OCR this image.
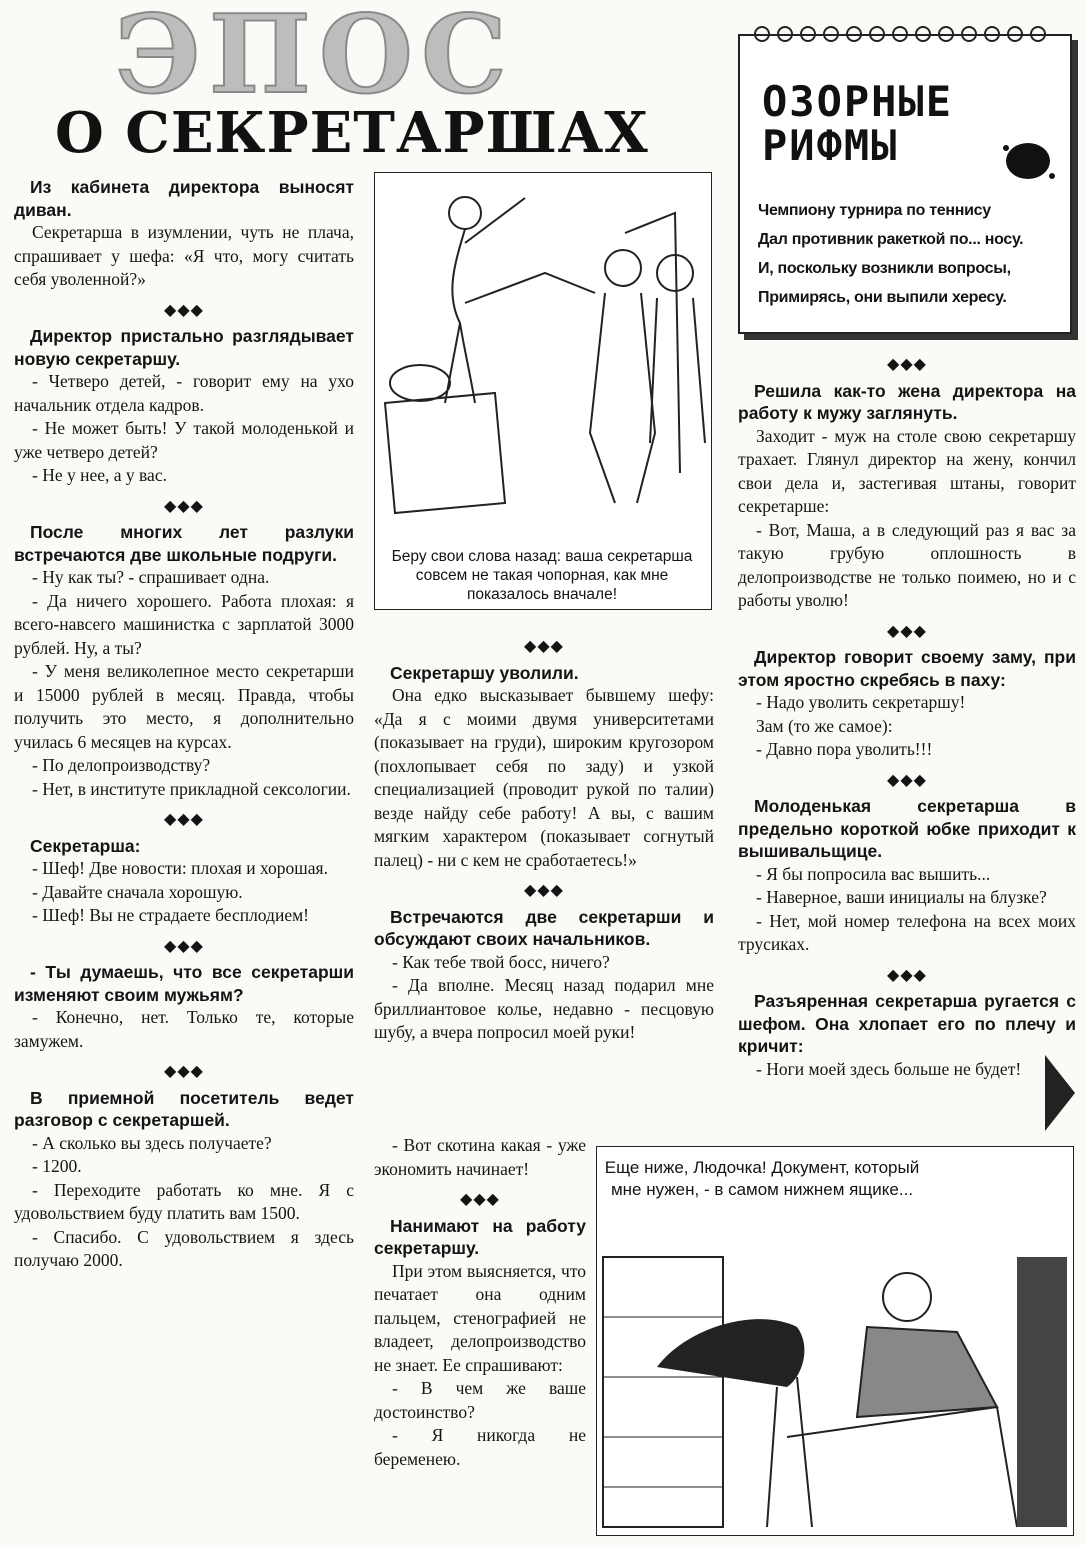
ЭПОС
О СЕКРЕТАРШАХ

Из кабинета директора выносят диван.

Секретарша в изумлении, чуть не плача, спрашивает у шефа: «Я что, могу считать себя уволенной?»

◆◆◆

Директор пристально разглядывает новую секретаршу.

- Четверо детей, - говорит ему на ухо начальник отдела кадров.

- Не может быть! У такой молоденькой и уже четверо детей?

- Не у нее, а у вас.

◆◆◆

После многих лет разлуки встречаются две школьные подруги.

- Ну как ты? - спрашивает одна.

- Да ничего хорошего. Работа плохая: я всего-навсего машинистка с зарплатой 3000 рублей. Ну, а ты?

- У меня великолепное место секретарши и 15000 рублей в месяц. Правда, чтобы получить это место, я дополнительно училась 6 месяцев на курсах.

- По делопроизводству?

- Нет, в институте прикладной сексологии.

◆◆◆

Секретарша:

- Шеф! Две новости: плохая и хорошая.

- Давайте сначала хорошую.

- Шеф! Вы не страдаете бесплодием!

◆◆◆

- Ты думаешь, что все секретарши изменяют своим мужьям?

- Конечно, нет. Только те, которые замужем.

◆◆◆

В приемной посетитель ведет разговор с секретаршей.

- А сколько вы здесь получаете?

- 1200.

- Переходите работать ко мне. Я с удовольствием буду платить вам 1500.

- Спасибо. С удовольствием я здесь получаю 2000.

Беру свои слова назад: ваша секретарша совсем не такая чопорная, как мне показалось вначале!
ОЗОРНЫЕ
РИФМЫ
Чемпиону турнира по теннису
Дал противник ракеткой по... носу.
И, поскольку возникли вопросы,
Примирясь, они выпили хересу.
◆◆◆

Секретаршу уволили.

Она едко высказывает бывшему шефу: «Да я с моими двумя университетами (показывает на груди), широким кругозором (похлопывает себя по заду) и узкой специализацией (проводит рукой по талии) везде найду себе работу! А вы, с вашим мягким характером (показывает согнутый палец) - ни с кем не сработаетесь!»

◆◆◆

Встречаются две секретарши и обсуждают своих начальников.

- Как тебе твой босс, ничего?

- Да вполне. Месяц назад подарил мне бриллиантовое колье, недавно - песцовую шубу, а вчера попросил моей руки!

- Вот скотина какая - уже экономить начинает!

◆◆◆

Нанимают на работу секретаршу.

При этом выясняется, что печатает она одним пальцем, стенографией не владеет, делопроизводство не знает. Ее спрашивают:

- В чем же ваше достоинство?

- Я никогда не беременею.

◆◆◆

Решила как-то жена директора на работу к мужу заглянуть.

Заходит - муж на столе свою секретаршу трахает. Глянул директор на жену, кончил свои дела и, застегивая штаны, говорит секретарше:

- Вот, Маша, а в следующий раз я вас за такую грубую оплошность в делопроизводстве не только поимею, но и с работы уволю!

◆◆◆

Директор говорит своему заму, при этом яростно скребясь в паху:

- Надо уволить секретаршу!

Зам (то же самое):

- Давно пора уволить!!!

◆◆◆

Молоденькая секретарша в предельно короткой юбке приходит к вышивальщице.

- Я бы попросила вас вышить...

- Наверное, ваши инициалы на блузке?

- Нет, мой номер телефона на всех моих трусиках.

◆◆◆

Разъяренная секретарша ругается с шефом. Она хлопает его по плечу и кричит:

- Ноги моей здесь больше не будет!

Еще ниже, Людочка! Документ, который мне нужен, - в самом нижнем ящике...
